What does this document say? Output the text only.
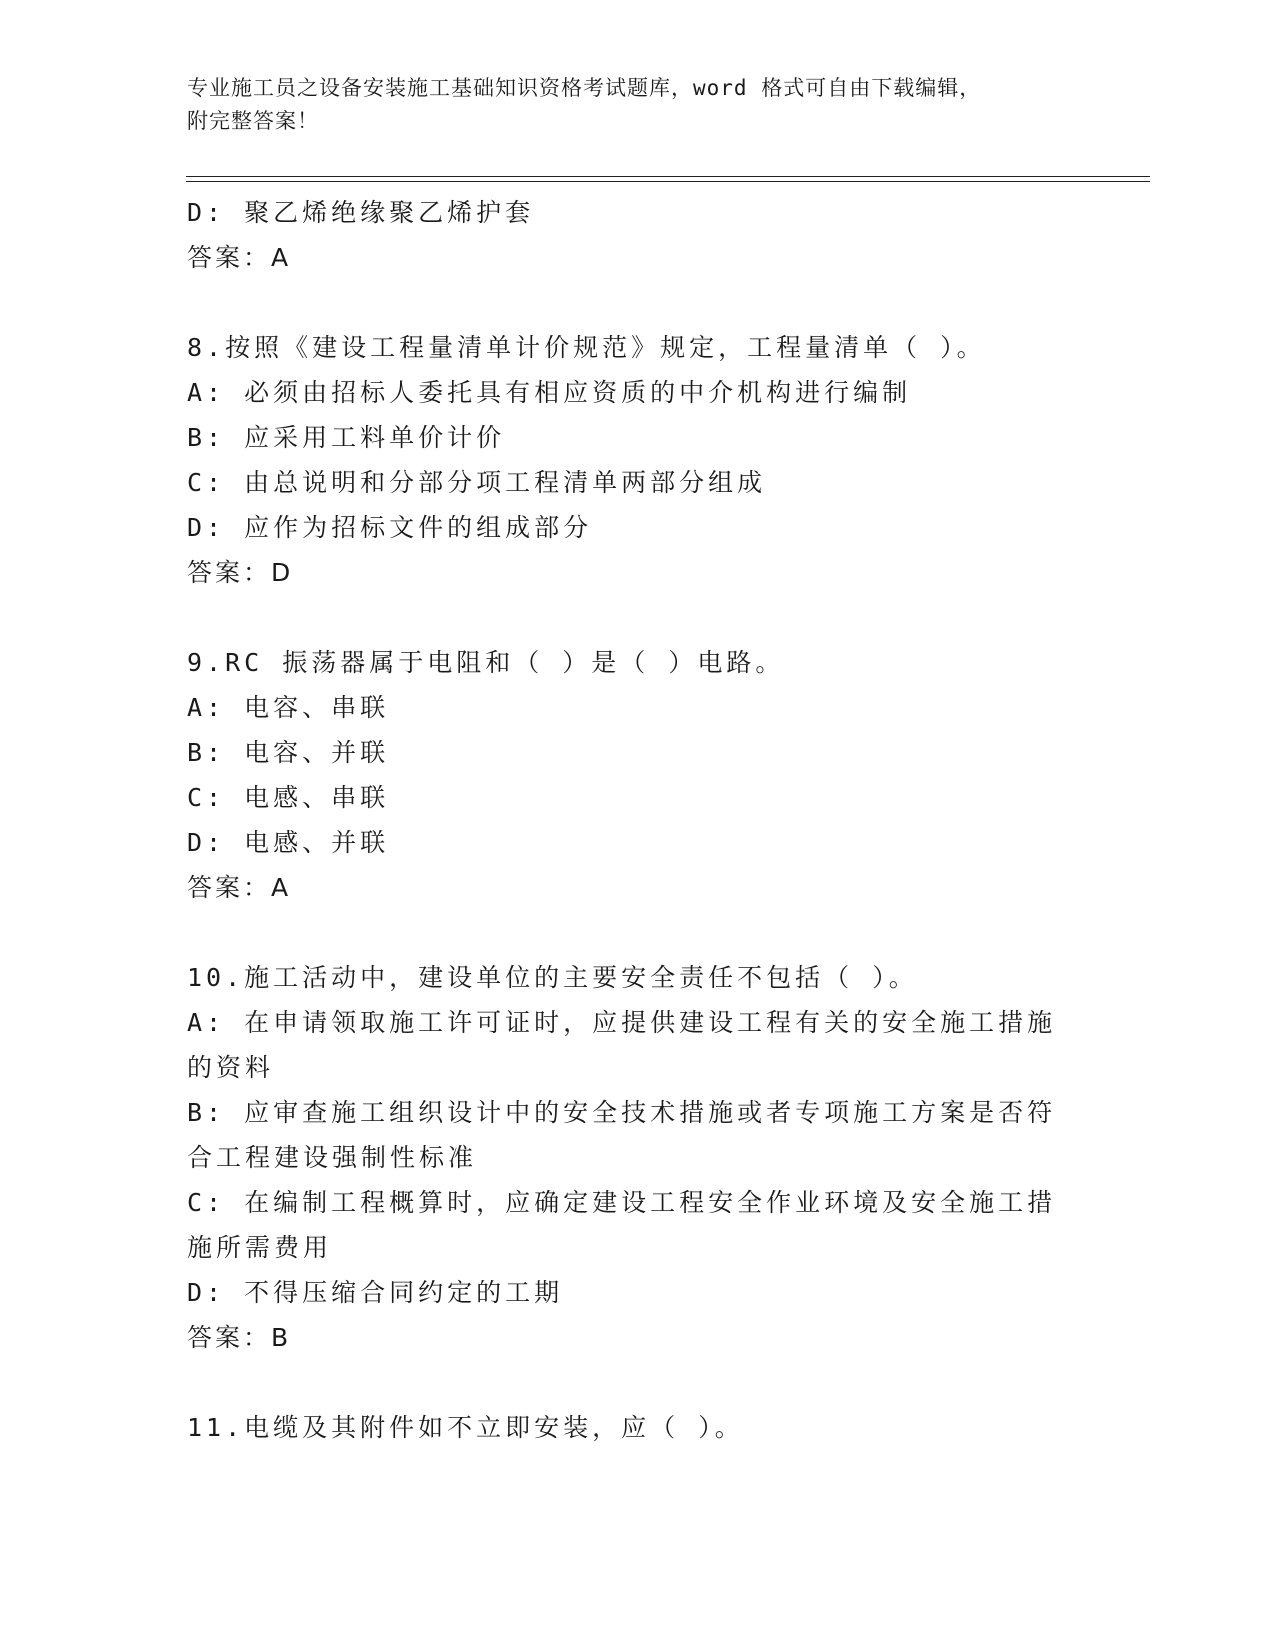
专业施工员之设备安装施工基础知识资格考试题库，word 格式可自由下载编辑，
附完整答案！
D: 聚乙烯绝缘聚乙烯护套
答案：A
8.按照《建设工程量清单计价规范》规定，工程量清单（ ）。
A: 必须由招标人委托具有相应资质的中介机构进行编制
B: 应采用工料单价计价
C: 由总说明和分部分项工程清单两部分组成
D: 应作为招标文件的组成部分
答案：D
9.RC 振荡器属于电阻和（ ）是（ ）电路。
A: 电容、串联
B: 电容、并联
C: 电感、串联
D: 电感、并联
答案：A
10.施工活动中，建设单位的主要安全责任不包括（ ）。
A: 在申请领取施工许可证时，应提供建设工程有关的安全施工措施的资料
B: 应审查施工组织设计中的安全技术措施或者专项施工方案是否符合工程建设强制性标准
C: 在编制工程概算时，应确定建设工程安全作业环境及安全施工措施所需费用
D: 不得压缩合同约定的工期
答案：B
11.电缆及其附件如不立即安装，应（ ）。
